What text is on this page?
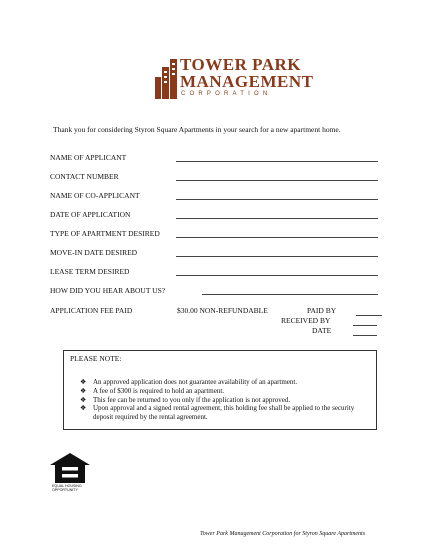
TOWER PARK
MANAGEMENT
CORPORATION
Thank you for considering Styron Square Apartments in your search for a new apartment home.
NAME OF APPLICANT
CONTACT NUMBER
NAME OF CO-APPLICANT
DATE OF APPLICATION
TYPE OF APARTMENT DESIRED
MOVE-IN DATE DESIRED
LEASE TERM DESIRED
HOW DID YOU HEAR ABOUT US?
APPLICATION FEE PAID	$30.00 NON-REFUNDABLE	PAID BY
RECEIVED BY
DATE
PLEASE NOTE:
❖ An approved application does not guarantee availability of an apartment.
❖ A fee of $300 is required to hold an apartment.
❖ This fee can be returned to you only if the application is not approved.
❖ Upon approval and a signed rental agreement, this holding fee shall be applied to the security deposit required by the rental agreement.
EQUAL HOUSING
OPPORTUNITY
Tower Park Management Corporation for Styron Square Apartments
